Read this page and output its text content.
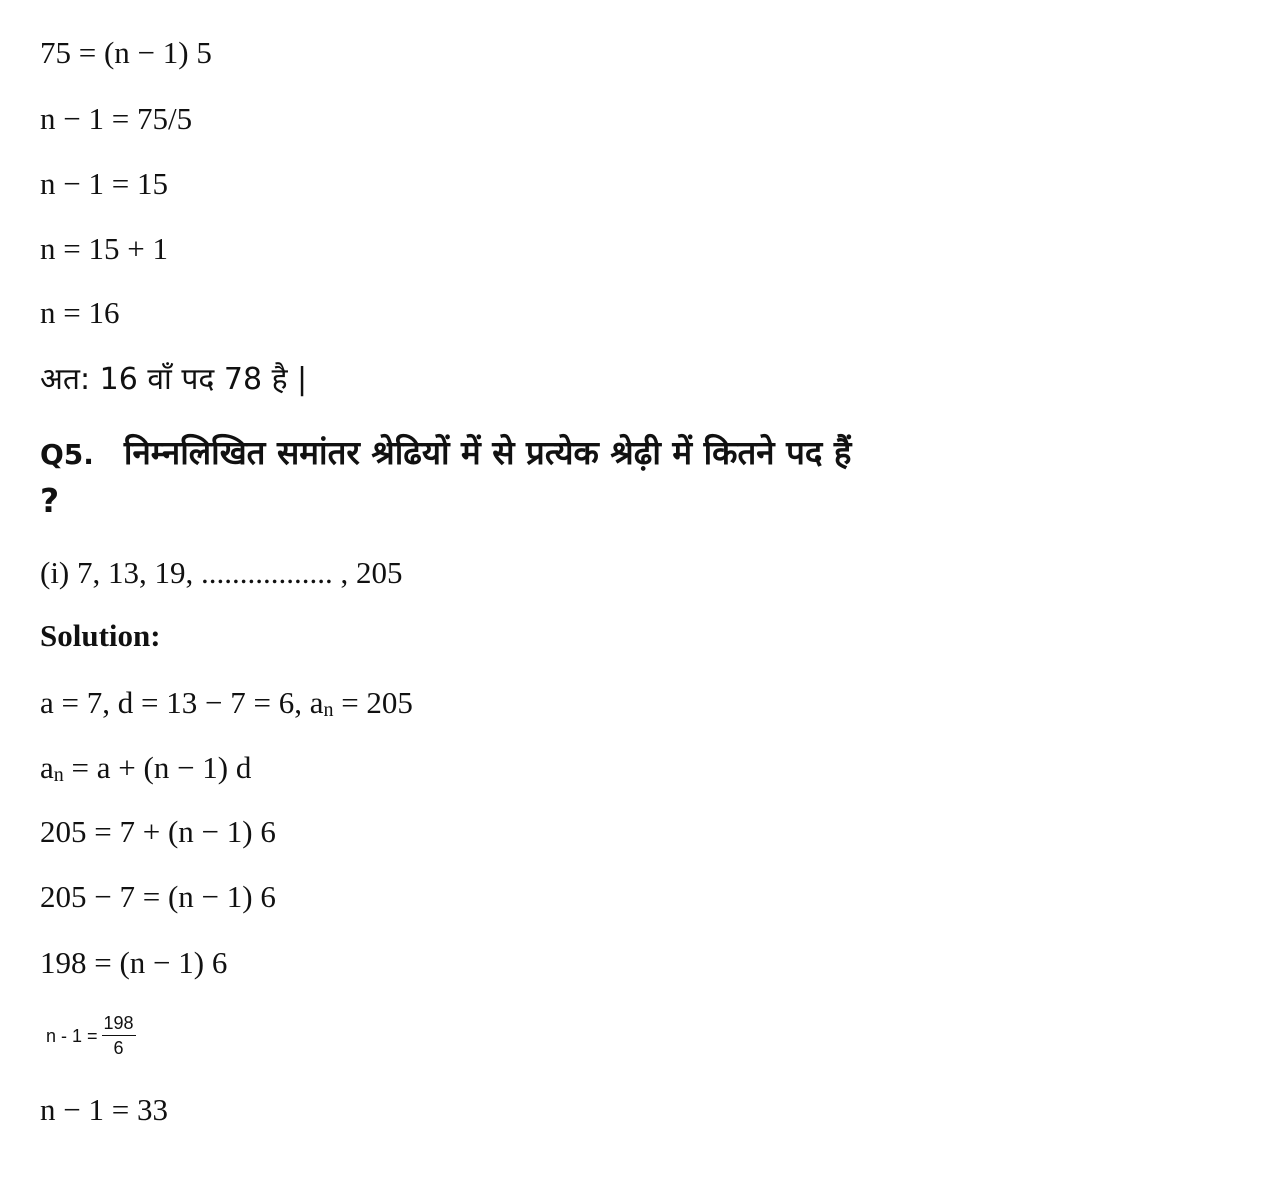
75 = (n − 1) 5
n − 1 = 75/5
n − 1 = 15
n = 15 + 1
n = 16
अत: 16 वाँ पद 78 है |
Q5. निम्नलिखित समांतर श्रेढियों में से प्रत्येक श्रेढ़ी में कितने पद हैं ?
(i) 7, 13, 19, ................. , 205
Solution:
a = 7, d = 13 − 7 = 6, an = 205
an = a + (n − 1) d
205 = 7 + (n − 1) 6
205 − 7 = (n − 1) 6
198 = (n − 1) 6
$n - 1 = \frac{198}{6}$
n − 1 = 33
